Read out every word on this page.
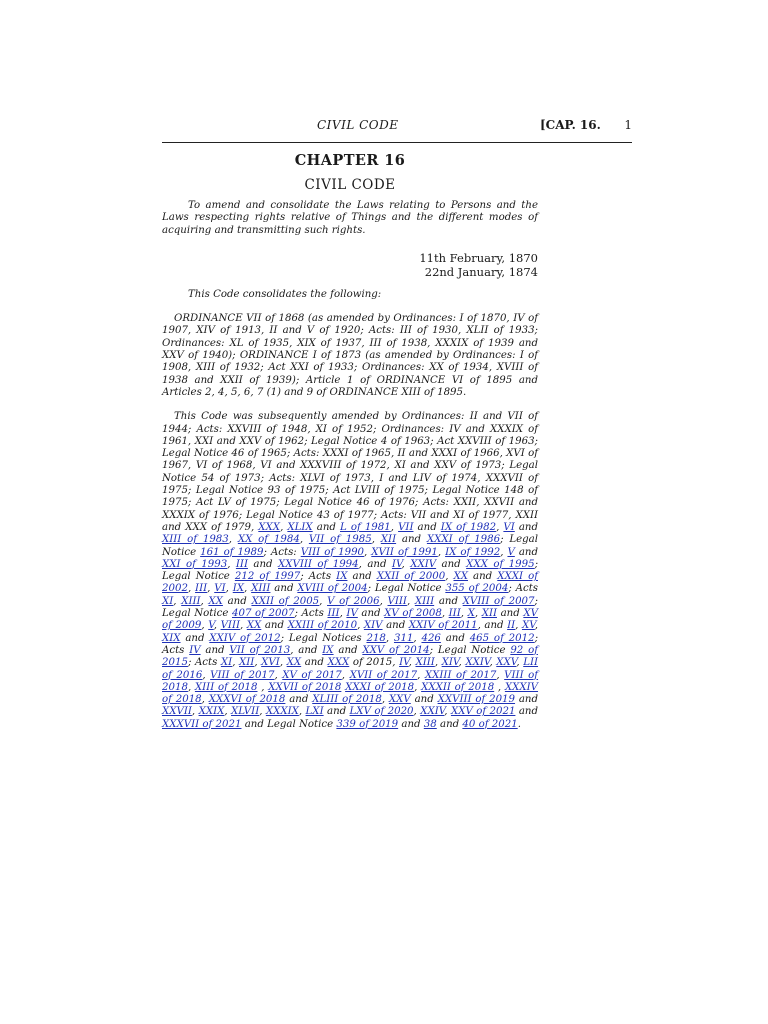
CIVIL CODE	[CAP. 16. 1
CHAPTER 16
CIVIL CODE

To amend and consolidate the Laws relating to Persons and the Laws respecting rights relative of Things and the different modes of acquiring and transmitting such rights.

11th February, 1870
22nd January, 1874

This Code consolidates the following:

ORDINANCE VII of 1868 (as amended by Ordinances: I of 1870, IV of 1907, XIV of 1913, II and V of 1920; Acts: III of 1930, XLII of 1933; Ordinances: XL of 1935, XIX of 1937, III of 1938, XXXIX of 1939 and XXV of 1940); ORDINANCE I of 1873 (as amended by Ordinances: I of 1908, XIII of 1932; Act XXI of 1933; Ordinances: XX of 1934, XVIII of 1938 and XXII of 1939); Article 1 of ORDINANCE VI of 1895 and Articles 2, 4, 5, 6, 7 (1) and 9 of ORDINANCE XIII of 1895.

This Code was subsequently amended by Ordinances: II and VII of 1944; Acts: XXVIII of 1948, XI of 1952; Ordinances: IV and XXXIX of 1961, XXI and XXV of 1962; Legal Notice 4 of 1963; Act XXVIII of 1963; Legal Notice 46 of 1965; Acts: XXXI of 1965, II and XXXI of 1966, XVI of 1967, VI of 1968, VI and XXXVIII of 1972, XI and XXV of 1973; Legal Notice 54 of 1973; Acts: XLVI of 1973, I and LIV of 1974, XXXVII of 1975; Legal Notice 93 of 1975; Act LVIII of 1975; Legal Notice 148 of 1975; Act LV of 1975; Legal Notice 46 of 1976; Acts: XXII, XXVII and XXXIX of 1976; Legal Notice 43 of 1977; Acts: VII and XI of 1977, XXII and XXX of 1979, XXX, XLIX and L of 1981, VII and IX of 1982, VI and XIII of 1983, XX of 1984, VII of 1985, XII and XXXI of 1986; Legal Notice 161 of 1989; Acts: VIII of 1990, XVII of 1991, IX of 1992, V and XXI of 1993, III and XXVIII of 1994, and IV, XXIV and XXX of 1995; Legal Notice 212 of 1997; Acts IX and XXII of 2000, XX and XXXI of 2002, III, VI, IX, XIII and XVIII of 2004; Legal Notice 355 of 2004; Acts XI, XIII, XX and XXII of 2005, V of 2006, VIII, XIII and XVIII of 2007; Legal Notice 407 of 2007; Acts III, IV and XV of 2008, III, X, XII and XV of 2009, V, VIII, XX and XXIII of 2010, XIV and XXIV of 2011, and II, XV, XIX and XXIV of 2012; Legal Notices 218, 311, 426 and 465 of 2012; Acts IV and VII of 2013, and IX and XXV of 2014; Legal Notice 92 of 2015; Acts XI, XII, XVI, XX and XXX of 2015, IV, XIII, XIV, XXIV, XXV, LII of 2016, VIII of 2017, XV of 2017, XVII of 2017, XXIII of 2017, VIII of 2018, XIII of 2018 , XXVII of 2018 XXXI of 2018, XXXII of 2018 , XXXIV of 2018, XXXVI of 2018 and XLIII of 2018, XXV and XXVIII of 2019 and XXVII, XXIX, XLVII, XXXIX, LXI and LXV of 2020, XXIV, XXV of 2021 and XXXVII of 2021 and Legal Notice 339 of 2019 and 38 and 40 of 2021.
